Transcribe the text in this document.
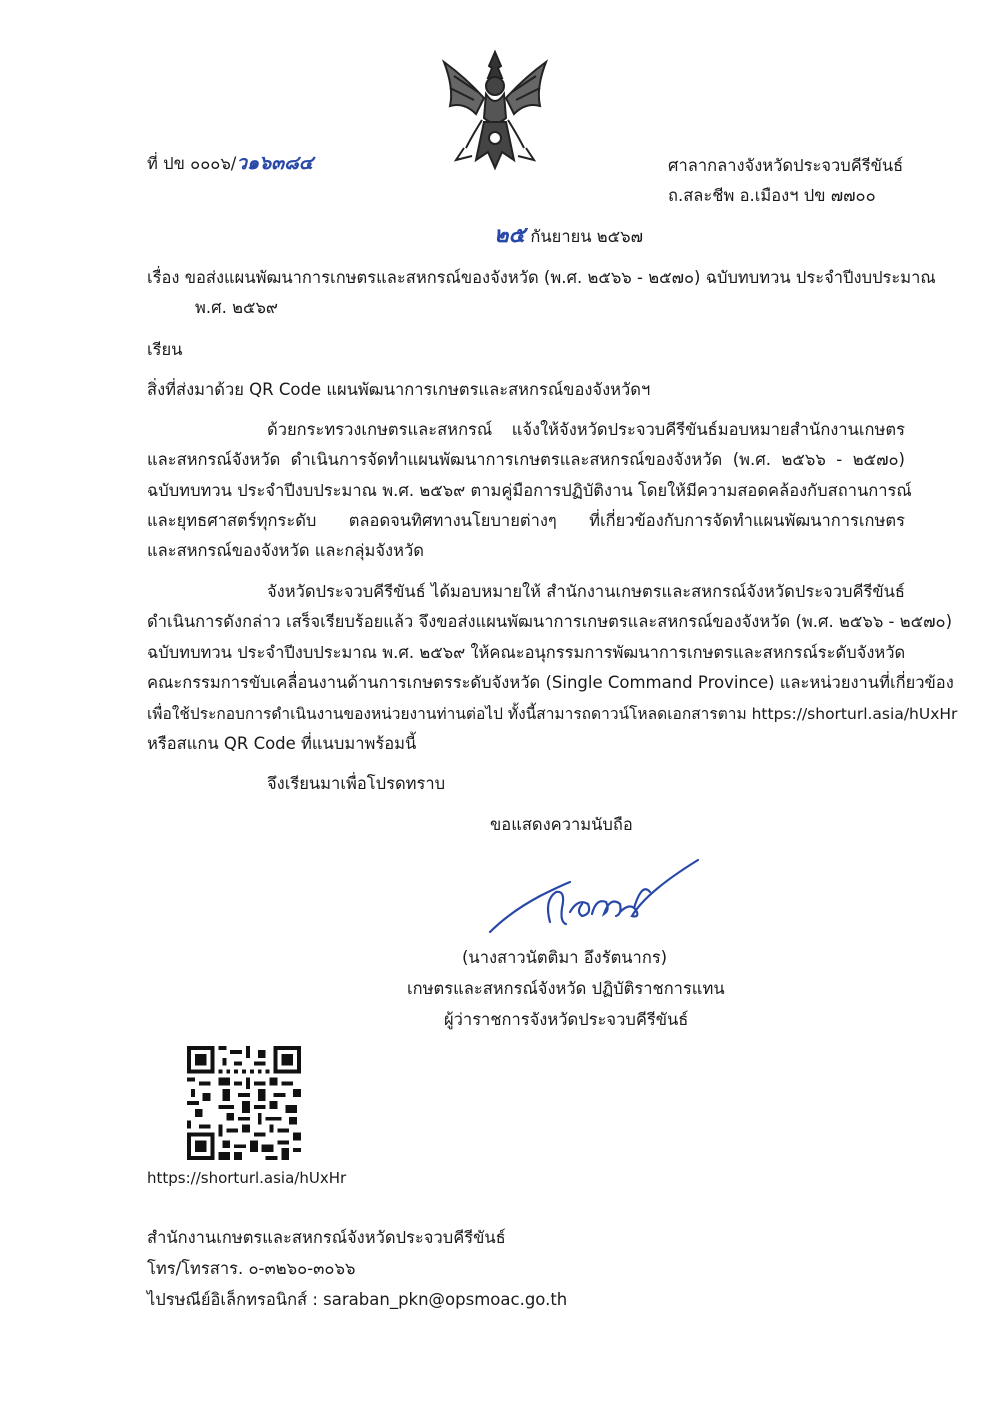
ที่ ปข ๐๐๐๖/ว๑๖๓๘๔	ศาลากลางจังหวัดประจวบคีรีขันธ์
ถ.สละชีพ อ.เมืองฯ ปข ๗๗๐๐
๒๕ กันยายน ๒๕๖๗
เรื่อง ขอส่งแผนพัฒนาการเกษตรและสหกรณ์ของจังหวัด (พ.ศ. ๒๕๖๖ - ๒๕๗๐) ฉบับทบทวน ประจำปีงบประมาณ
พ.ศ. ๒๕๖๙
เรียน
สิ่งที่ส่งมาด้วย QR Code แผนพัฒนาการเกษตรและสหกรณ์ของจังหวัดฯ
ด้วยกระทรวงเกษตรและสหกรณ์ แจ้งให้จังหวัดประจวบคีรีขันธ์มอบหมายสำนักงานเกษตร
และสหกรณ์จังหวัด ดำเนินการจัดทำแผนพัฒนาการเกษตรและสหกรณ์ของจังหวัด (พ.ศ. ๒๕๖๖ - ๒๕๗๐)
ฉบับทบทวน ประจำปีงบประมาณ พ.ศ. ๒๕๖๙ ตามคู่มือการปฏิบัติงาน โดยให้มีความสอดคล้องกับสถานการณ์
และยุทธศาสตร์ทุกระดับ ตลอดจนทิศทางนโยบายต่างๆ ที่เกี่ยวข้องกับการจัดทำแผนพัฒนาการเกษตร
และสหกรณ์ของจังหวัด และกลุ่มจังหวัด
จังหวัดประจวบคีรีขันธ์ ได้มอบหมายให้ สำนักงานเกษตรและสหกรณ์จังหวัดประจวบคีรีขันธ์
ดำเนินการดังกล่าว เสร็จเรียบร้อยแล้ว จึงขอส่งแผนพัฒนาการเกษตรและสหกรณ์ของจังหวัด (พ.ศ. ๒๕๖๖ - ๒๕๗๐)
ฉบับทบทวน ประจำปีงบประมาณ พ.ศ. ๒๕๖๙ ให้คณะอนุกรรมการพัฒนาการเกษตรและสหกรณ์ระดับจังหวัด
คณะกรรมการขับเคลื่อนงานด้านการเกษตรระดับจังหวัด (Single Command Province) และหน่วยงานที่เกี่ยวข้อง
เพื่อใช้ประกอบการดำเนินงานของหน่วยงานท่านต่อไป ทั้งนี้สามารถดาวน์โหลดเอกสารตาม https://shorturl.asia/hUxHr
หรือสแกน QR Code ที่แนบมาพร้อมนี้
จึงเรียนมาเพื่อโปรดทราบ
ขอแสดงความนับถือ
(นางสาวนัตติมา อึงรัตนากร)
เกษตรและสหกรณ์จังหวัด ปฏิบัติราชการแทน
ผู้ว่าราชการจังหวัดประจวบคีรีขันธ์
https://shorturl.asia/hUxHr
สำนักงานเกษตรและสหกรณ์จังหวัดประจวบคีรีขันธ์
โทร/โทรสาร. ๐-๓๒๖๐-๓๐๖๖
ไปรษณีย์อิเล็กทรอนิกส์ : saraban_pkn@opsmoac.go.th
